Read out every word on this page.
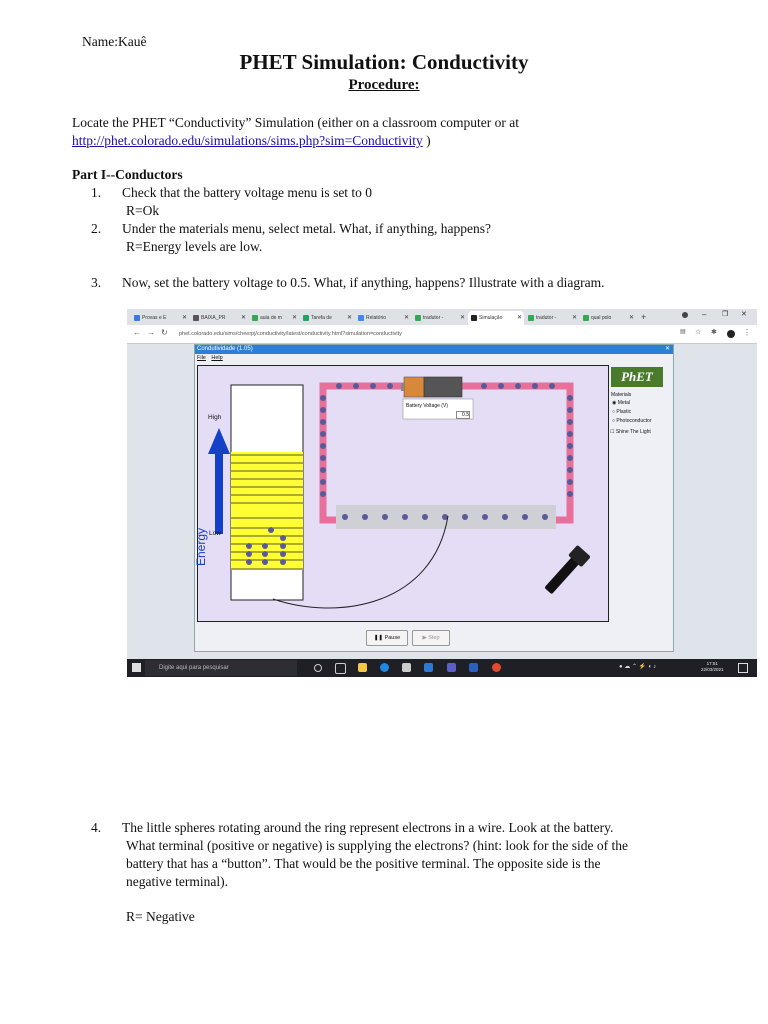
Name:Kauê
PHET Simulation: Conductivity
Procedure:
Locate the PHET “Conductivity” Simulation (either on a classroom computer or at
http://phet.colorado.edu/simulations/sims.php?sim=Conductivity )
Part I--Conductors
1. Check that the battery voltage menu is set to 0
R=Ok
2. Under the materials menu, select metal. What, if anything, happens?
R=Energy levels are low.
3. Now, set the battery voltage to 0.5. What, if anything, happens? Illustrate with a diagram.
Provas e E	✕	BAIXA_PR	✕	aula de m ✕	Tarefa de	✕	Relatório	✕	tradutor -	✕	Simulação ✕	tradutor -	✕	qual polo	✕ +	– ❐ ✕
← → ↻ phet.colorado.edu/sims/cheerpj/conductivity/latest/conductivity.html?simulation=conductivity	▤ ☆ ✱	⋮
Condutividade (1.05)	✕
File Help
High
Low
Energy
Battery Voltage (V)
0.5
PhET
Materials
◉ Metal
○ Plastic
○ Photoconductor
☐ Shine The Light
❚❚ Pause	▶ Step
Digite aqui para pesquisar	● ☁ ⌃ ⚡ ◖ ♪
17:51
22/03/2021
4. The little spheres rotating around the ring represent electrons in a wire. Look at the battery.
What terminal (positive or negative) is supplying the electrons? (hint: look for the side of the
battery that has a “button”. That would be the positive terminal. The opposite side is the
negative terminal).
R= Negative
